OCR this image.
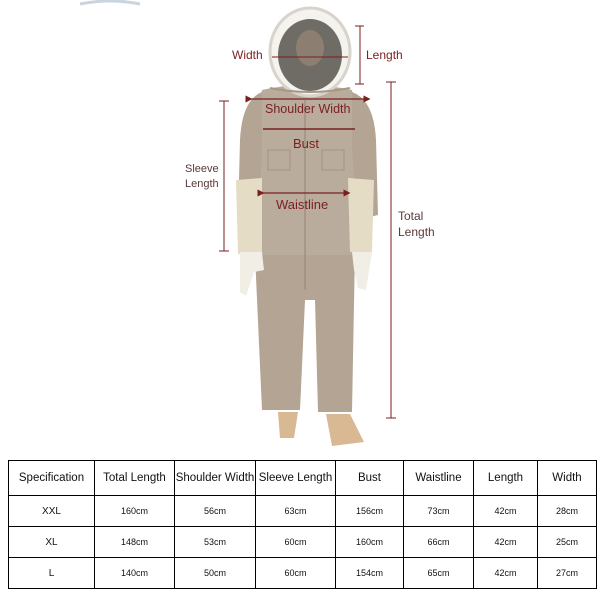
Width	Length
Shoulder Width
Bust
Sleeve
Length
Waistline
Total
Length
Specification	Total Length	Shoulder Width	Sleeve Length	Bust	Waistline	Length	Width
XXL	160cm	56cm	63cm	156cm	73cm	42cm	28cm
XL	148cm	53cm	60cm	160cm	66cm	42cm	25cm
L	140cm	50cm	60cm	154cm	65cm	42cm	27cm
